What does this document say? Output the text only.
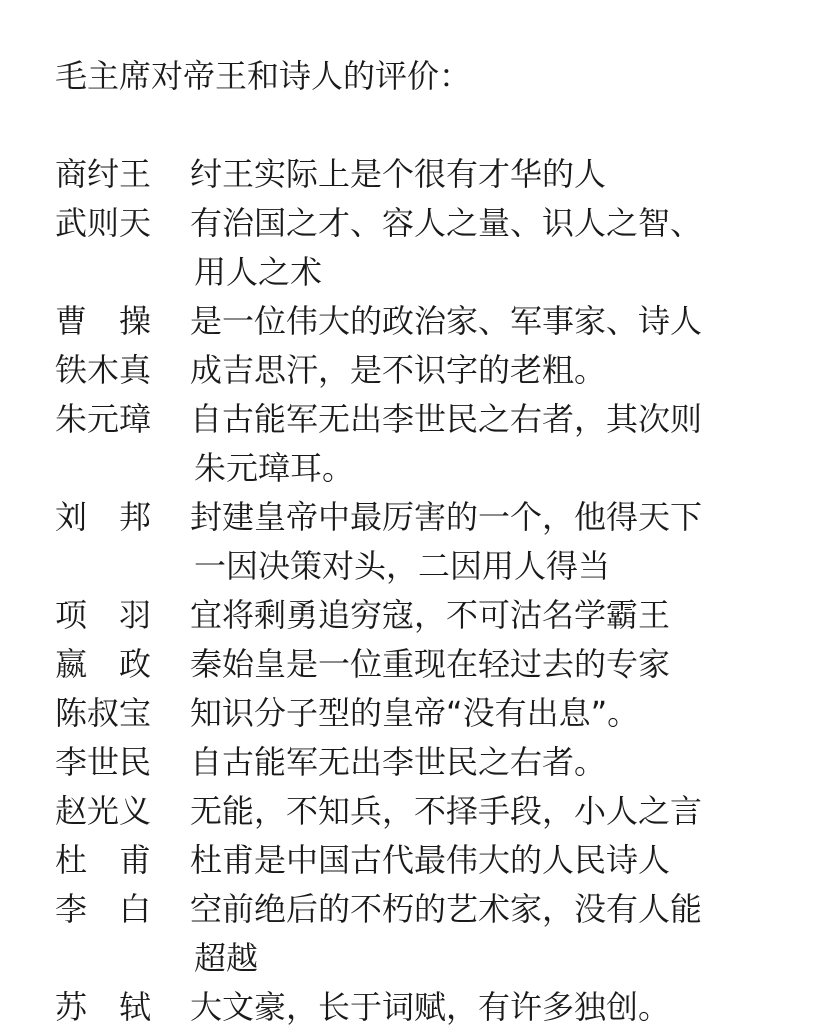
毛主席对帝王和诗人的评价：
商纣王	纣王实际上是个很有才华的人
武则天	有治国之才、容人之量、识人之智、
用人之术
曹　操	是一位伟大的政治家、军事家、诗人
铁木真	成吉思汗，是不识字的老粗。
朱元璋	自古能军无出李世民之右者，其次则
朱元璋耳。
刘　邦	封建皇帝中最厉害的一个，他得天下
一因决策对头，二因用人得当
项　羽	宜将剩勇追穷寇，不可沽名学霸王
嬴　政	秦始皇是一位重现在轻过去的专家
陈叔宝	知识分子型的皇帝“没有出息”。
李世民	自古能军无出李世民之右者。
赵光义	无能，不知兵，不择手段，小人之言
杜　甫	杜甫是中国古代最伟大的人民诗人
李　白	空前绝后的不朽的艺术家，没有人能
超越
苏　轼	大文豪，长于词赋，有许多独创。
